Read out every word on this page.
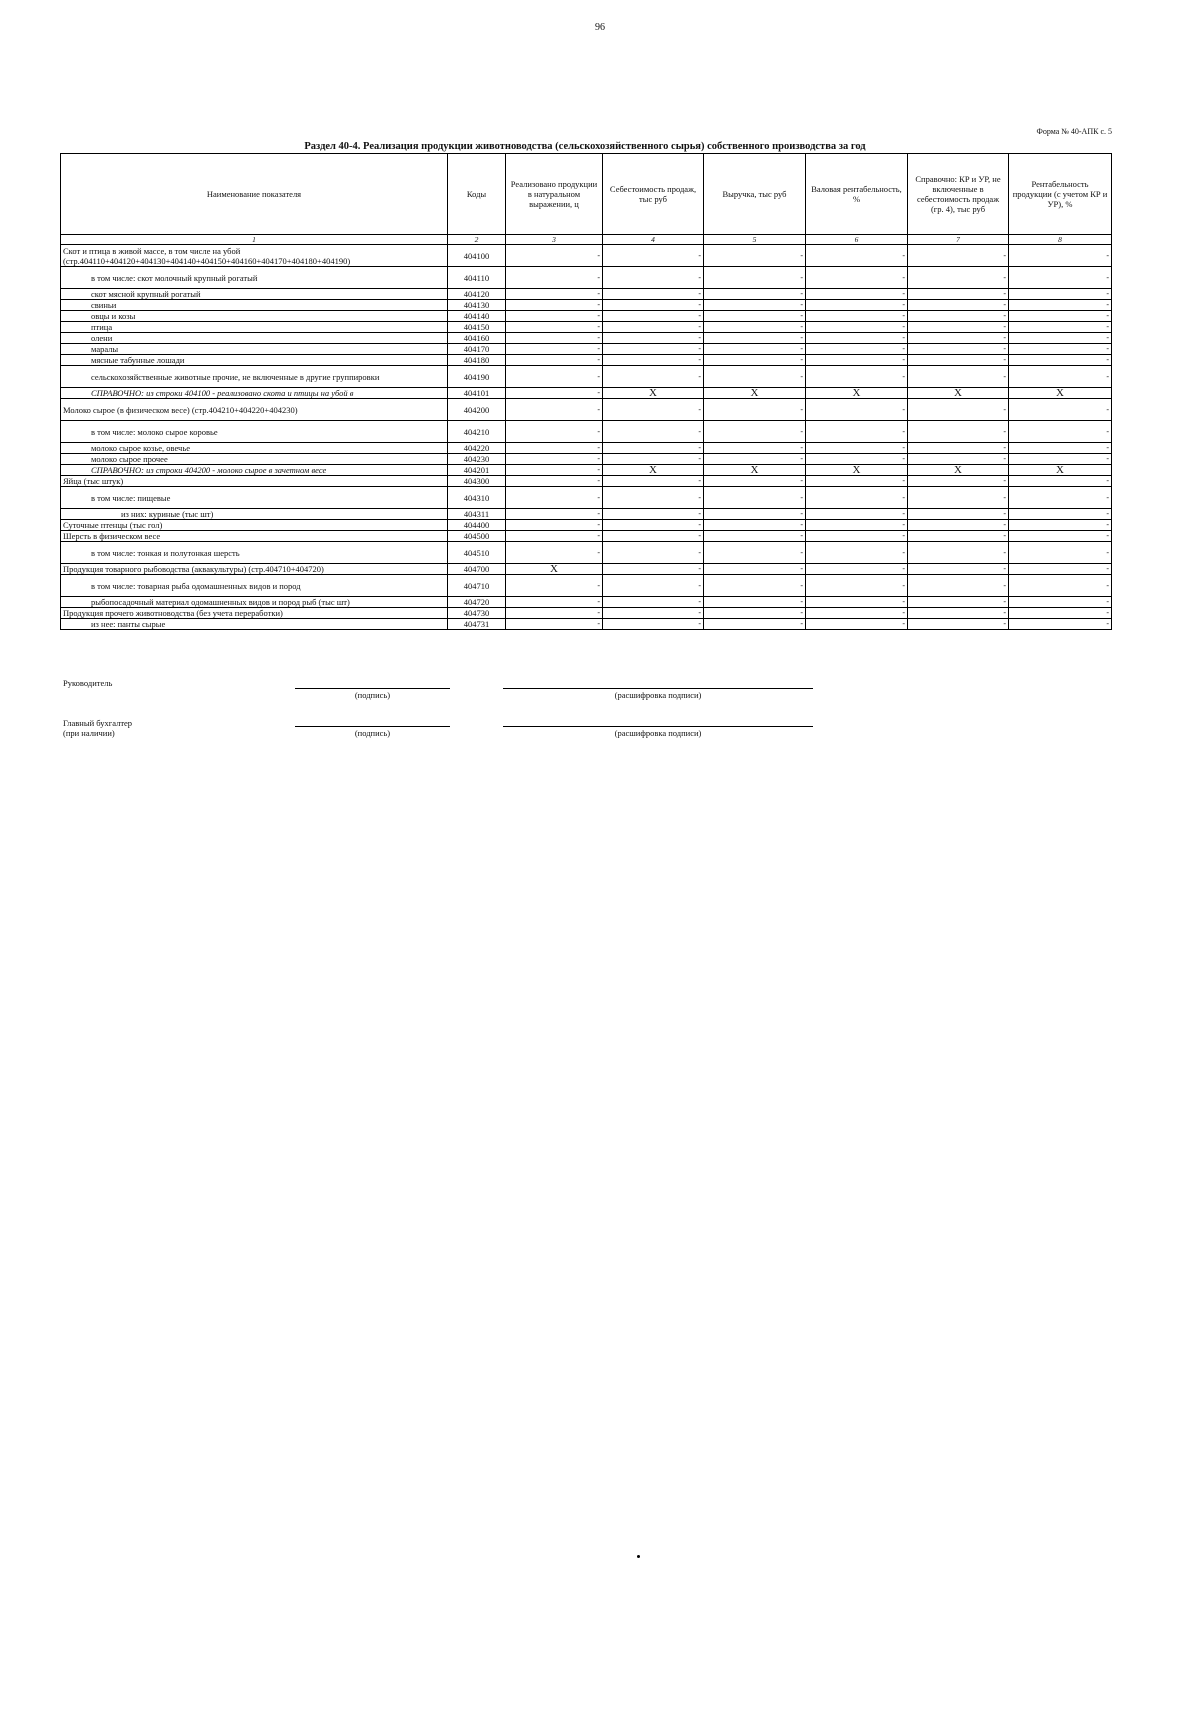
96
Форма № 40-АПК с. 5
Раздел 40-4. Реализация продукции животноводства (сельскохозяйственного сырья) собственного производства за год
Наименование показателя	Коды	Реализовано продукции в натуральном выражении, ц	Себестоимость продаж, тыс руб	Выручка, тыс руб	Валовая рентабельность, %	Справочно: КР и УР, не включенные в себестоимость продаж (гр. 4), тыс руб	Рентабельность продукции (с учетом КР и УР), %
1	2	3	4	5	6	7	8
Скот и птица в живой массе, в том числе на убой (стр.404110+404120+404130+404140+404150+404160+404170+404180+404190)	404100	-	-	-	-	-	-
в том числе: скот молочный крупный рогатый	404110	-	-	-	-	-	-
скот мясной крупный рогатый	404120	-	-	-	-	-	-
свиньи	404130	-	-	-	-	-	-
овцы и козы	404140	-	-	-	-	-	-
птица	404150	-	-	-	-	-	-
олени	404160	-	-	-	-	-	-
маралы	404170	-	-	-	-	-	-
мясные табунные лошади	404180	-	-	-	-	-	-
сельскохозяйственные животные прочие, не включенные в другие группировки	404190	-	-	-	-	-	-
СПРАВОЧНО: из строки 404100 - реализовано скота и птицы на убой в	404101	-	X	X	X	X	X
Молоко сырое (в физическом весе) (стр.404210+404220+404230)	404200	-	-	-	-	-	-
в том числе: молоко сырое коровье	404210	-	-	-	-	-	-
молоко сырое козье, овечье	404220	-	-	-	-	-	-
молоко сырое прочее	404230	-	-	-	-	-	-
СПРАВОЧНО: из строки 404200 - молоко сырое в зачетном весе	404201	-	X	X	X	X	X
Яйца (тыс штук)	404300	-	-	-	-	-	-
в том числе: пищевые	404310	-	-	-	-	-	-
из них: куриные (тыс шт)	404311	-	-	-	-	-	-
Суточные птенцы (тыс гол)	404400	-	-	-	-	-	-
Шерсть в физическом весе	404500	-	-	-	-	-	-
в том числе: тонкая и полутонкая шерсть	404510	-	-	-	-	-	-
Продукция товарного рыбоводства (аквакультуры) (стр.404710+404720)	404700	X	-	-	-	-	-
в том числе: товарная рыба одомашненных видов и пород	404710	-	-	-	-	-	-
рыбопосадочный материал одомашненных видов и пород рыб (тыс шт)	404720	-	-	-	-	-	-
Продукция прочего животноводства (без учета переработки)	404730	-	-	-	-	-	-
из нее: панты сырые	404731	-	-	-	-	-	-
Руководитель
(подпись)	(расшифровка подписи)
Главный бухгалтер
(при наличии)	(подпись)	(расшифровка подписи)
